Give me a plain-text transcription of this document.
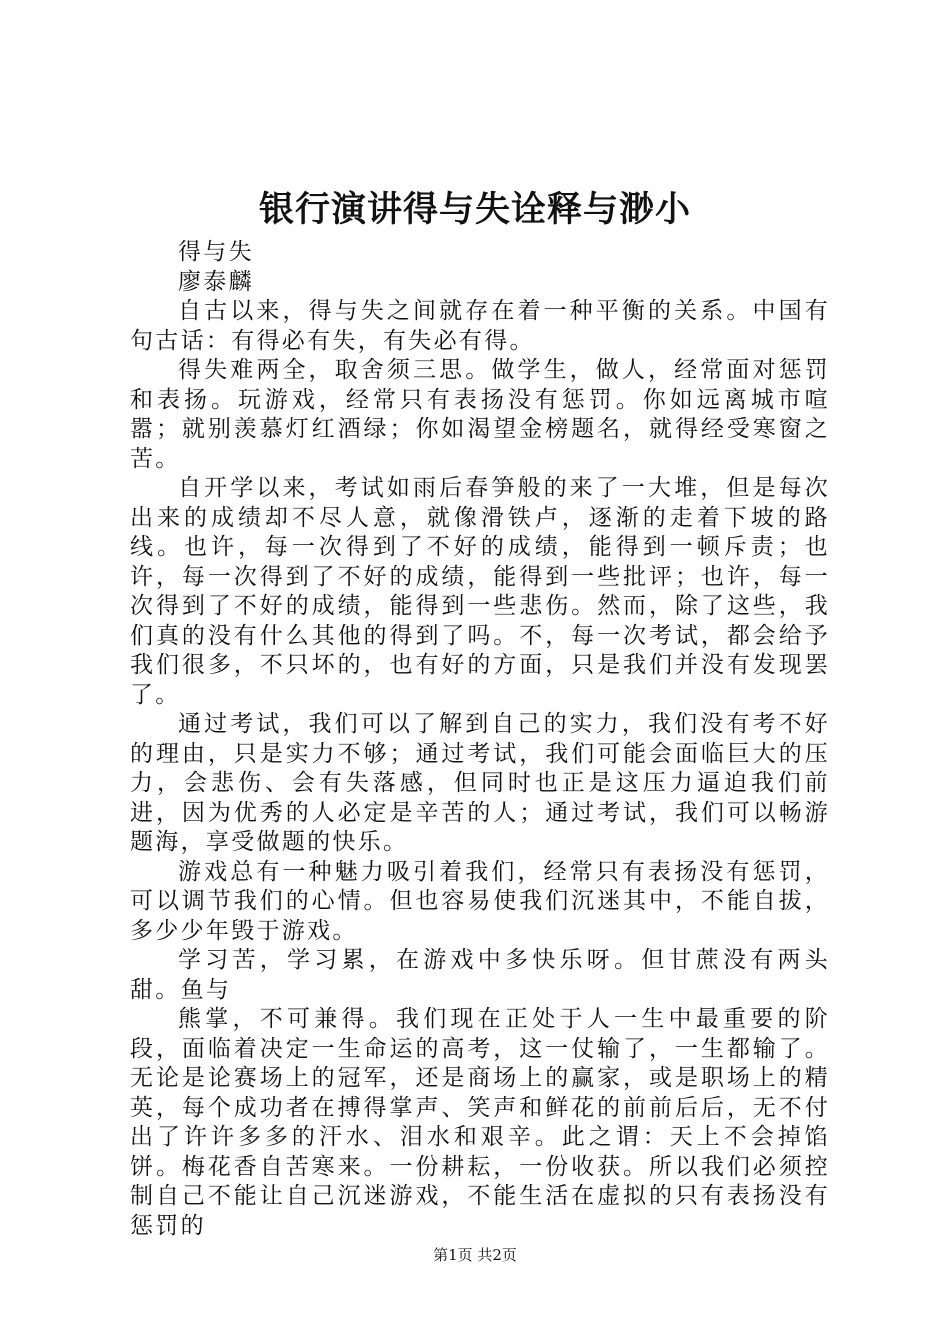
银行演讲得与失诠释与渺小

得与失

廖泰麟

自古以来，得与失之间就存在着一种平衡的关系。中国有句古话：有得必有失，有失必有得。

得失难两全，取舍须三思。做学生，做人，经常面对惩罚和表扬。玩游戏，经常只有表扬没有惩罚。你如远离城市喧嚣；就别羡慕灯红酒绿；你如渴望金榜题名，就得经受寒窗之苦。

自开学以来，考试如雨后春笋般的来了一大堆，但是每次出来的成绩却不尽人意，就像滑铁卢，逐渐的走着下坡的路线。也许，每一次得到了不好的成绩，能得到一顿斥责；也许，每一次得到了不好的成绩，能得到一些批评；也许，每一次得到了不好的成绩，能得到一些悲伤。然而，除了这些，我们真的没有什么其他的得到了吗。不，每一次考试，都会给予我们很多，不只坏的，也有好的方面，只是我们并没有发现罢了。

通过考试，我们可以了解到自己的实力，我们没有考不好的理由，只是实力不够；通过考试，我们可能会面临巨大的压力，会悲伤、会有失落感，但同时也正是这压力逼迫我们前进，因为优秀的人必定是辛苦的人；通过考试，我们可以畅游题海，享受做题的快乐。

游戏总有一种魅力吸引着我们，经常只有表扬没有惩罚，可以调节我们的心情。但也容易使我们沉迷其中，不能自拔，多少少年毁于游戏。

学习苦，学习累，在游戏中多快乐呀。但甘蔗没有两头甜。鱼与

熊掌，不可兼得。我们现在正处于人一生中最重要的阶段，面临着决定一生命运的高考，这一仗输了，一生都输了。无论是论赛场上的冠军，还是商场上的赢家，或是职场上的精英，每个成功者在搏得掌声、笑声和鲜花的前前后后，无不付出了许许多多的汗水、泪水和艰辛。此之谓：天上不会掉馅饼。梅花香自苦寒来。一份耕耘，一份收获。所以我们必须控制自己不能让自己沉迷游戏，不能生活在虚拟的只有表扬没有惩罚的

第1页 共2页
